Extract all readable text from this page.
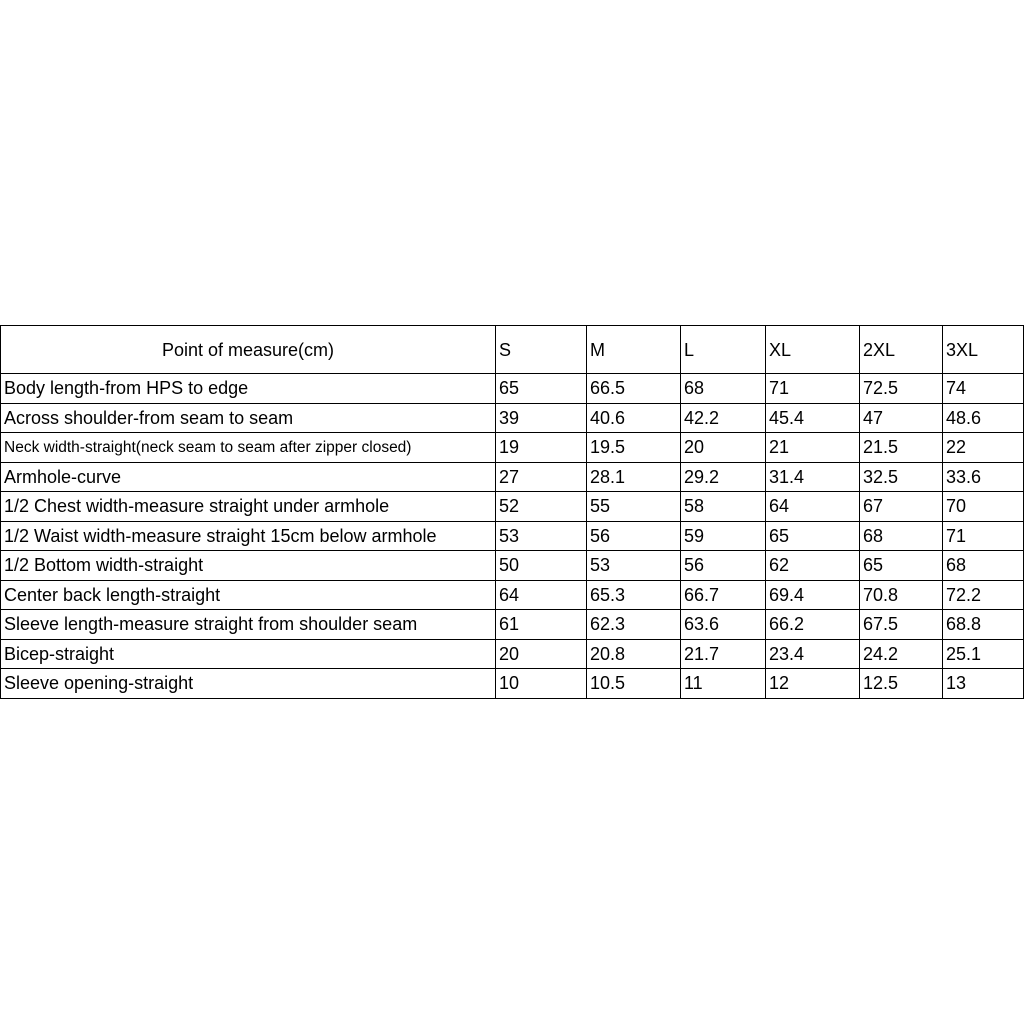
Point of measure(cm)	S	M	L	XL	2XL	3XL
Body length-from HPS to edge	65	66.5	68	71	72.5	74
Across shoulder-from seam to seam	39	40.6	42.2	45.4	47	48.6
Neck width-straight(neck seam to seam after zipper closed)	19	19.5	20	21	21.5	22
Armhole-curve	27	28.1	29.2	31.4	32.5	33.6
1/2 Chest width-measure straight under armhole	52	55	58	64	67	70
1/2 Waist width-measure straight 15cm below armhole	53	56	59	65	68	71
1/2 Bottom width-straight	50	53	56	62	65	68
Center back length-straight	64	65.3	66.7	69.4	70.8	72.2
Sleeve length-measure straight from shoulder seam	61	62.3	63.6	66.2	67.5	68.8
Bicep-straight	20	20.8	21.7	23.4	24.2	25.1
Sleeve opening-straight	10	10.5	11	12	12.5	13
